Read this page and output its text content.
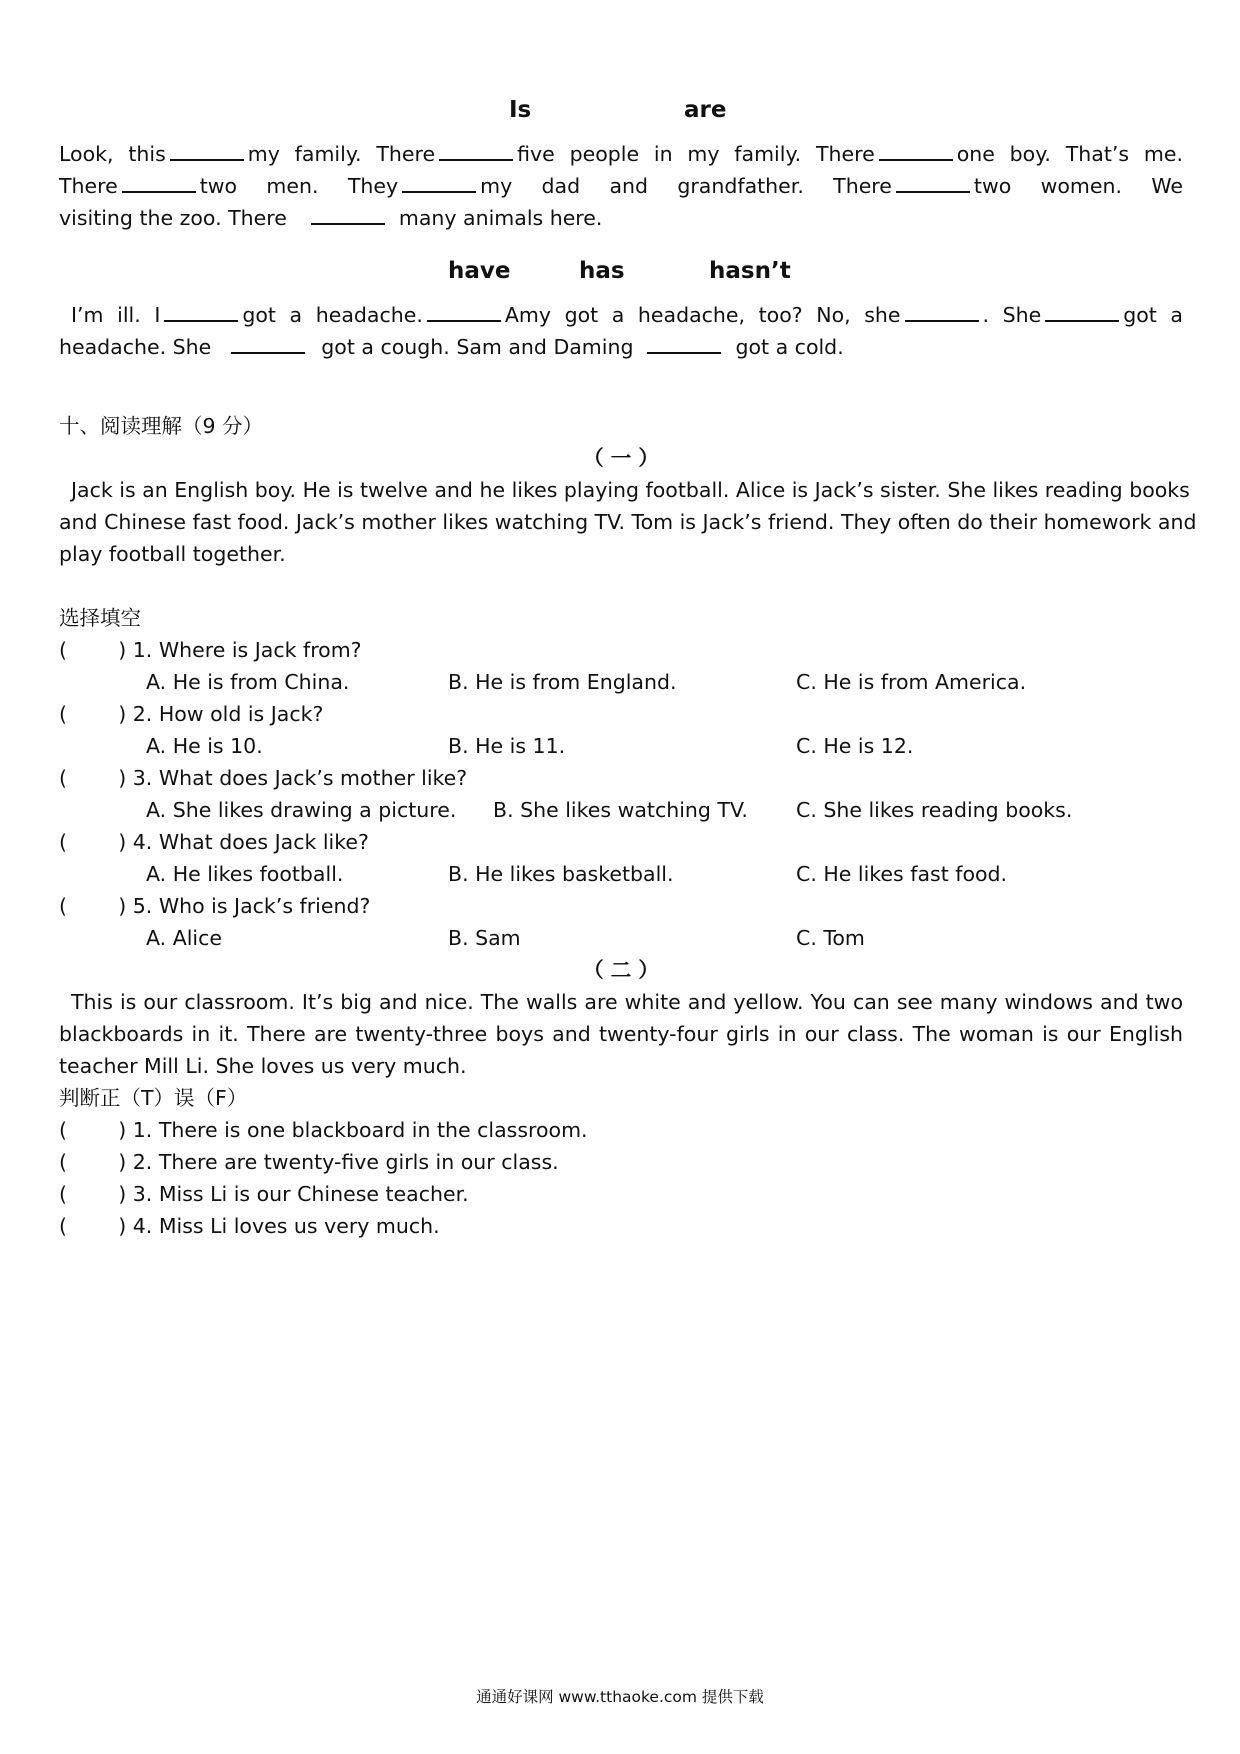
Is	are
Look, this	my family. There	five people in my family. There	one boy. That’s me.
There	two men. They	my dad and grandfather. There	two women. We
visiting the zoo. There	many animals here.
have	has	hasn’t
I’m ill. I	got a headache.	Amy got a headache, too? No, she	. She	got a
headache. She	got a cough. Sam and Daming	got a cold.
十、阅读理解（9 分）
（ 一 ）
Jack is an English boy. He is twelve and he likes playing football. Alice is Jack’s sister. She likes reading books
and Chinese fast food. Jack’s mother likes watching TV. Tom is Jack’s friend. They often do their homework and
play football together.
选择填空
(   ) 1. Where is Jack from?
A. He is from China.	B. He is from England.	C. He is from America.
(   ) 2. How old is Jack?
A. He is 10.	B. He is 11.	C. He is 12.
(   ) 3. What does Jack’s mother like?
A. She likes drawing a picture. B. She likes watching TV. C. She likes reading books.
(   ) 4. What does Jack like?
A. He likes football.	B. He likes basketball.	C. He likes fast food.
(   ) 5. Who is Jack’s friend?
A. Alice	B. Sam	C. Tom
（ 二 ）
This is our classroom. It’s big and nice. The walls are white and yellow. You can see many windows and two
blackboards in it. There are twenty-three boys and twenty-four girls in our class. The woman is our English
teacher Mill Li. She loves us very much.
判断正（T）误（F）
(   ) 1. There is one blackboard in the classroom.
(   ) 2. There are twenty-five girls in our class.
(   ) 3. Miss Li is our Chinese teacher.
(   ) 4. Miss Li loves us very much.
通通好课网 www.tthaoke.com 提供下载
